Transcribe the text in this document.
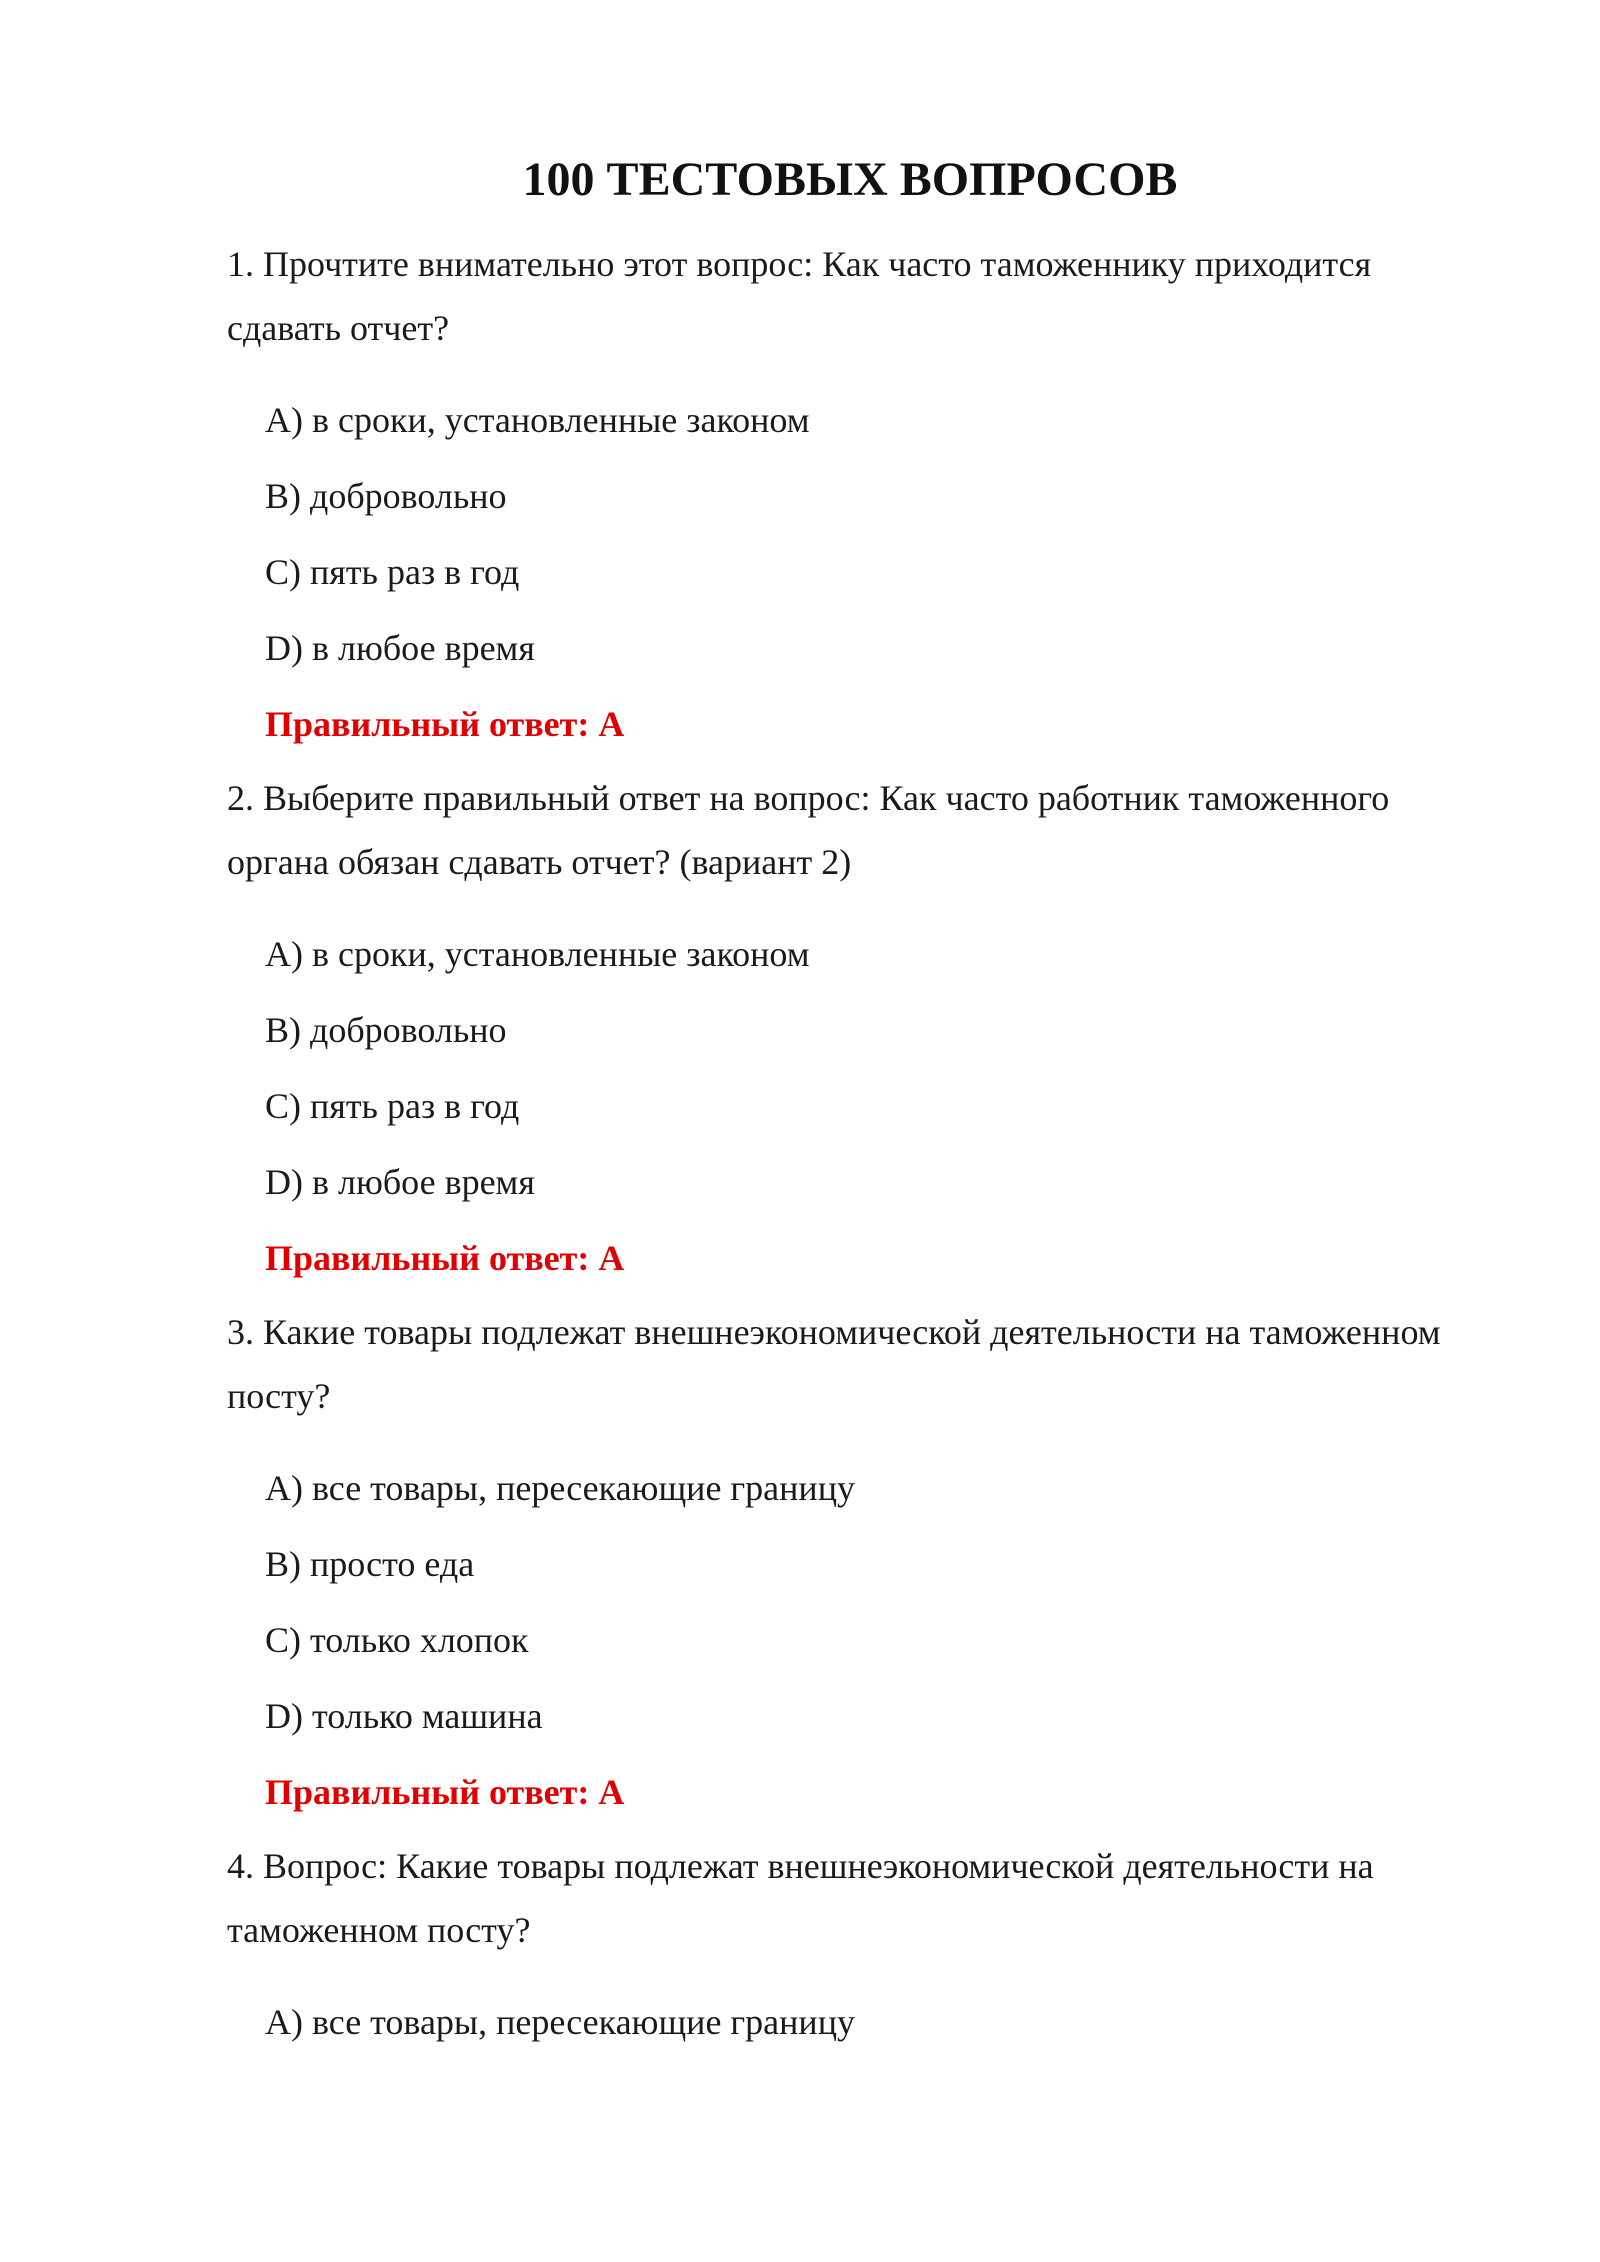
100 ТЕСТОВЫХ ВОПРОСОВ
1. Прочтите внимательно этот вопрос: Как часто таможеннику приходится сдавать отчет?
A) в сроки, установленные законом
B) добровольно
C) пять раз в год
D) в любое время
Правильный ответ: A
2. Выберите правильный ответ на вопрос: Как часто работник таможенного органа обязан сдавать отчет? (вариант 2)
A) в сроки, установленные законом
B) добровольно
C) пять раз в год
D) в любое время
Правильный ответ: A
3. Какие товары подлежат внешнеэкономической деятельности на таможенном посту?
A) все товары, пересекающие границу
B) просто еда
C) только хлопок
D) только машина
Правильный ответ: A
4. Вопрос: Какие товары подлежат внешнеэкономической деятельности на таможенном посту?
A) все товары, пересекающие границу
